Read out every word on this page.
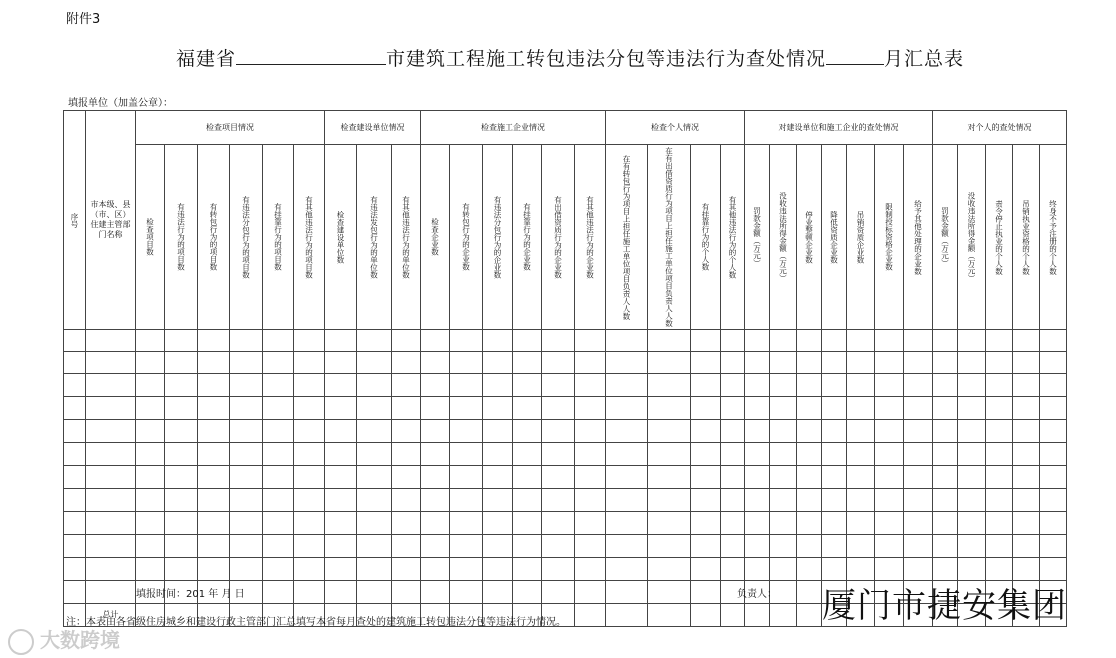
附件3
福建省	市建筑工程施工转包违法分包等违法行为查处情况	月汇总表
填报单位（加盖公章）：
序号	市本级、县（市、区）住建主管部门名称	检查项目情况						检查建设单位情况			检查施工企业情况						检查个人情况				对建设单位和施工企业的查处情况							对个人的查处情况				
		检查项目数	有违法行为的项目数	有转包行为的项目数	有违法分包行为的项目数	有挂靠行为的项目数	有其他违法行为的项目数	检查建设单位数	有违法发包行为的单位数	有其他违法行为的单位数	检查企业数	有转包行为的企业数	有违法分包行为的企业数	有挂靠行为的企业数	有出借资质行为的企业数	有其他违法行为的企业数	在有转包行为项目上担任施工单位项目负责人人数	在有出借资质行为项目上担任施工单位项目负责人人数	有挂靠行为的个人数	有其他违法行为的个人数	罚款金额（万元）	没收违法所得金额（万元）	停业整顿企业数	降低资质企业数	吊销资质企业数	限制投标资格企业数	给予其他处理的企业数	罚款金额（万元）	没收违法所得金额（万元）	责令停止执业的个人数	吊销执业资格的个人数	终身不予注册的个人数

	总计																															
填报时间：201 年 月 日	负责人：
注：本表由各省级住房城乡和建设行政主管部门汇总填写本省每月查处的建筑施工转包违法分包等违法行为情况。	厦门市捷安集团
大数跨境
